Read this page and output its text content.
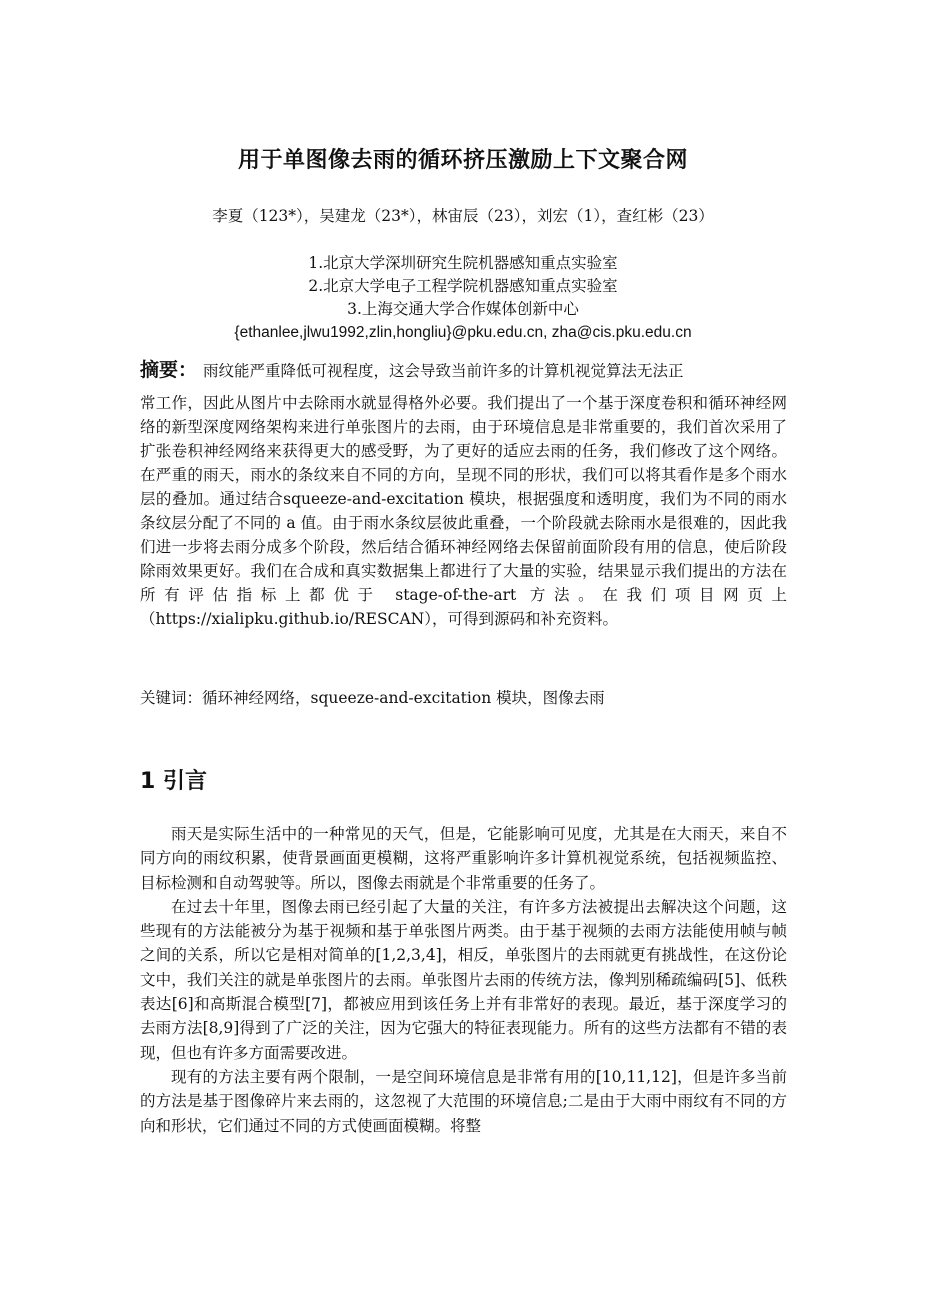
用于单图像去雨的循环挤压激励上下文聚合网
李夏（123*），吴建龙（23*），林宙辰（23），刘宏（1），查红彬（23）
1.北京大学深圳研究生院机器感知重点实验室
2.北京大学电子工程学院机器感知重点实验室
3.上海交通大学合作媒体创新中心
{ethanlee,jlwu1992,zlin,hongliu}@pku.edu.cn, zha@cis.pku.edu.cn
摘要： 雨纹能严重降低可视程度，这会导致当前许多的计算机视觉算法无法正
常工作，因此从图片中去除雨水就显得格外必要。我们提出了一个基于深度卷积和循环神经网络的新型深度网络架构来进行单张图片的去雨，由于环境信息是非常重要的，我们首次采用了扩张卷积神经网络来获得更大的感受野，为了更好的适应去雨的任务，我们修改了这个网络。在严重的雨天，雨水的条纹来自不同的方向，呈现不同的形状，我们可以将其看作是多个雨水层的叠加。通过结合squeeze-and-excitation 模块，根据强度和透明度，我们为不同的雨水条纹层分配了不同的 a 值。由于雨水条纹层彼此重叠，一个阶段就去除雨水是很难的，因此我们进一步将去雨分成多个阶段，然后结合循环神经网络去保留前面阶段有用的信息，使后阶段除雨效果更好。我们在合成和真实数据集上都进行了大量的实验，结果显示我们提出的方法在所有评估指标上都优于 stage-of-the-art 方法。在我们项目网页上（https://xialipku.github.io/RESCAN），可得到源码和补充资料。
关键词：循环神经网络，squeeze-and-excitation 模块，图像去雨
1 引言

雨天是实际生活中的一种常见的天气，但是，它能影响可见度，尤其是在大雨天，来自不同方向的雨纹积累，使背景画面更模糊，这将严重影响许多计算机视觉系统，包括视频监控、目标检测和自动驾驶等。所以，图像去雨就是个非常重要的任务了。

在过去十年里，图像去雨已经引起了大量的关注，有许多方法被提出去解决这个问题，这些现有的方法能被分为基于视频和基于单张图片两类。由于基于视频的去雨方法能使用帧与帧之间的关系，所以它是相对简单的[1,2,3,4]，相反，单张图片的去雨就更有挑战性，在这份论文中，我们关注的就是单张图片的去雨。单张图片去雨的传统方法，像判别稀疏编码[5]、低秩表达[6]和高斯混合模型[7]，都被应用到该任务上并有非常好的表现。最近，基于深度学习的去雨方法[8,9]得到了广泛的关注，因为它强大的特征表现能力。所有的这些方法都有不错的表现，但也有许多方面需要改进。

现有的方法主要有两个限制，一是空间环境信息是非常有用的[10,11,12]，但是许多当前的方法是基于图像碎片来去雨的，这忽视了大范围的环境信息;二是由于大雨中雨纹有不同的方向和形状，它们通过不同的方式使画面模糊。将整
